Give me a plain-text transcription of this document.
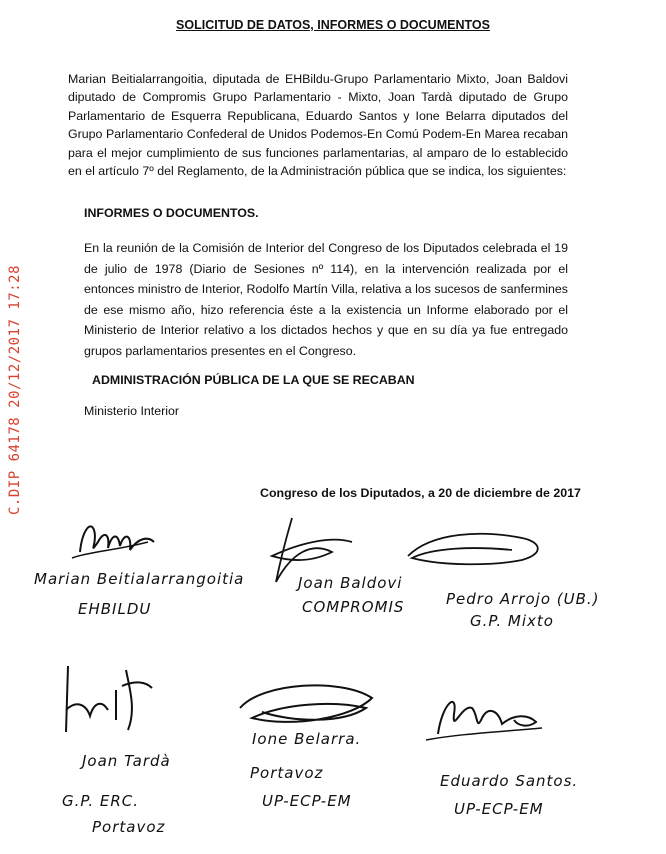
C.DIP 64178 20/12/2017 17:28
SOLICITUD DE DATOS, INFORMES O DOCUMENTOS
Marian Beitialarrangoitia, diputada de EHBildu-Grupo Parlamentario Mixto, Joan Baldovi diputado de Compromis Grupo Parlamentario - Mixto, Joan Tardà diputado de Grupo Parlamentario de Esquerra Republicana, Eduardo Santos y Ione Belarra diputados del Grupo Parlamentario Confederal de Unidos Podemos-En Comú Podem-En Marea recaban para el mejor cumplimiento de sus funciones parlamentarias, al amparo de lo establecido en el artículo 7º del Reglamento, de la Administración pública que se indica, los siguientes:
INFORMES O DOCUMENTOS.
En la reunión de la Comisión de Interior del Congreso de los Diputados celebrada el 19 de julio de 1978 (Diario de Sesiones nº 114), en la intervención realizada por el entonces ministro de Interior, Rodolfo Martín Villa, relativa a los sucesos de sanfermines de ese mismo año, hizo referencia éste a la existencia un Informe elaborado por el Ministerio de Interior relativo a los dictados hechos y que en su día ya fue entregado grupos parlamentarios presentes en el Congreso.
ADMINISTRACIÓN PÚBLICA DE LA QUE SE RECABAN
Ministerio Interior
Congreso de los Diputados, a 20 de diciembre de 2017
Marian Beitialarrangoitia
EHBILDU
Joan Baldovi
COMPROMIS	Pedro Arrojo (UB.)
G.P. Mixto
Joan Tardà
G.P. ERC.
Portavoz
Ione Belarra.
Portavoz
UP-ECP-EM
Eduardo Santos.
UP-ECP-EM
